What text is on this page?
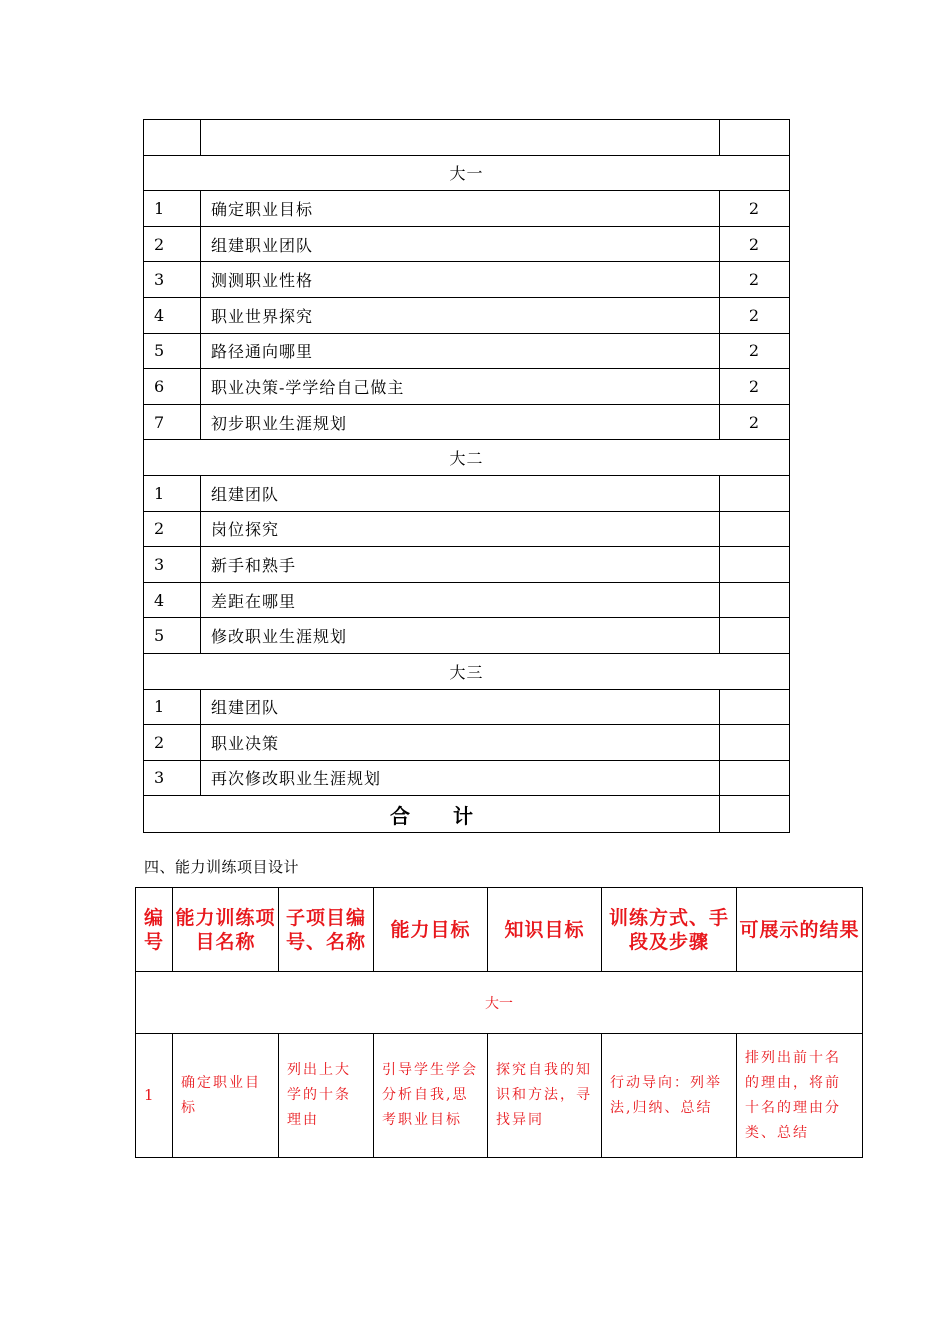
大一		
1	确定职业目标	2
2	组建职业团队	2
3	测测职业性格	2
4	职业世界探究	2
5	路径通向哪里	2
6	职业决策-学学给自己做主	2
7	初步职业生涯规划	2
大二		
1	组建团队	
2	岗位探究	
3	新手和熟手	
4	差距在哪里	
5	修改职业生涯规划	
大三		
1	组建团队	
2	职业决策	
3	再次修改职业生涯规划	
合 计		
四、能力训练项目设计
编号	能力训练项目名称	子项目编号、名称	能力目标	知识目标	训练方式、手段及步骤	可展示的结果
大一						
1	确定职业目标	列出上大学的十条理由	引导学生学会分析自我,思考职业目标	探究自我的知识和方法，寻找异同	行动导向：列举法,归纳、总结	排列出前十名的理由，将前十名的理由分类、总结
